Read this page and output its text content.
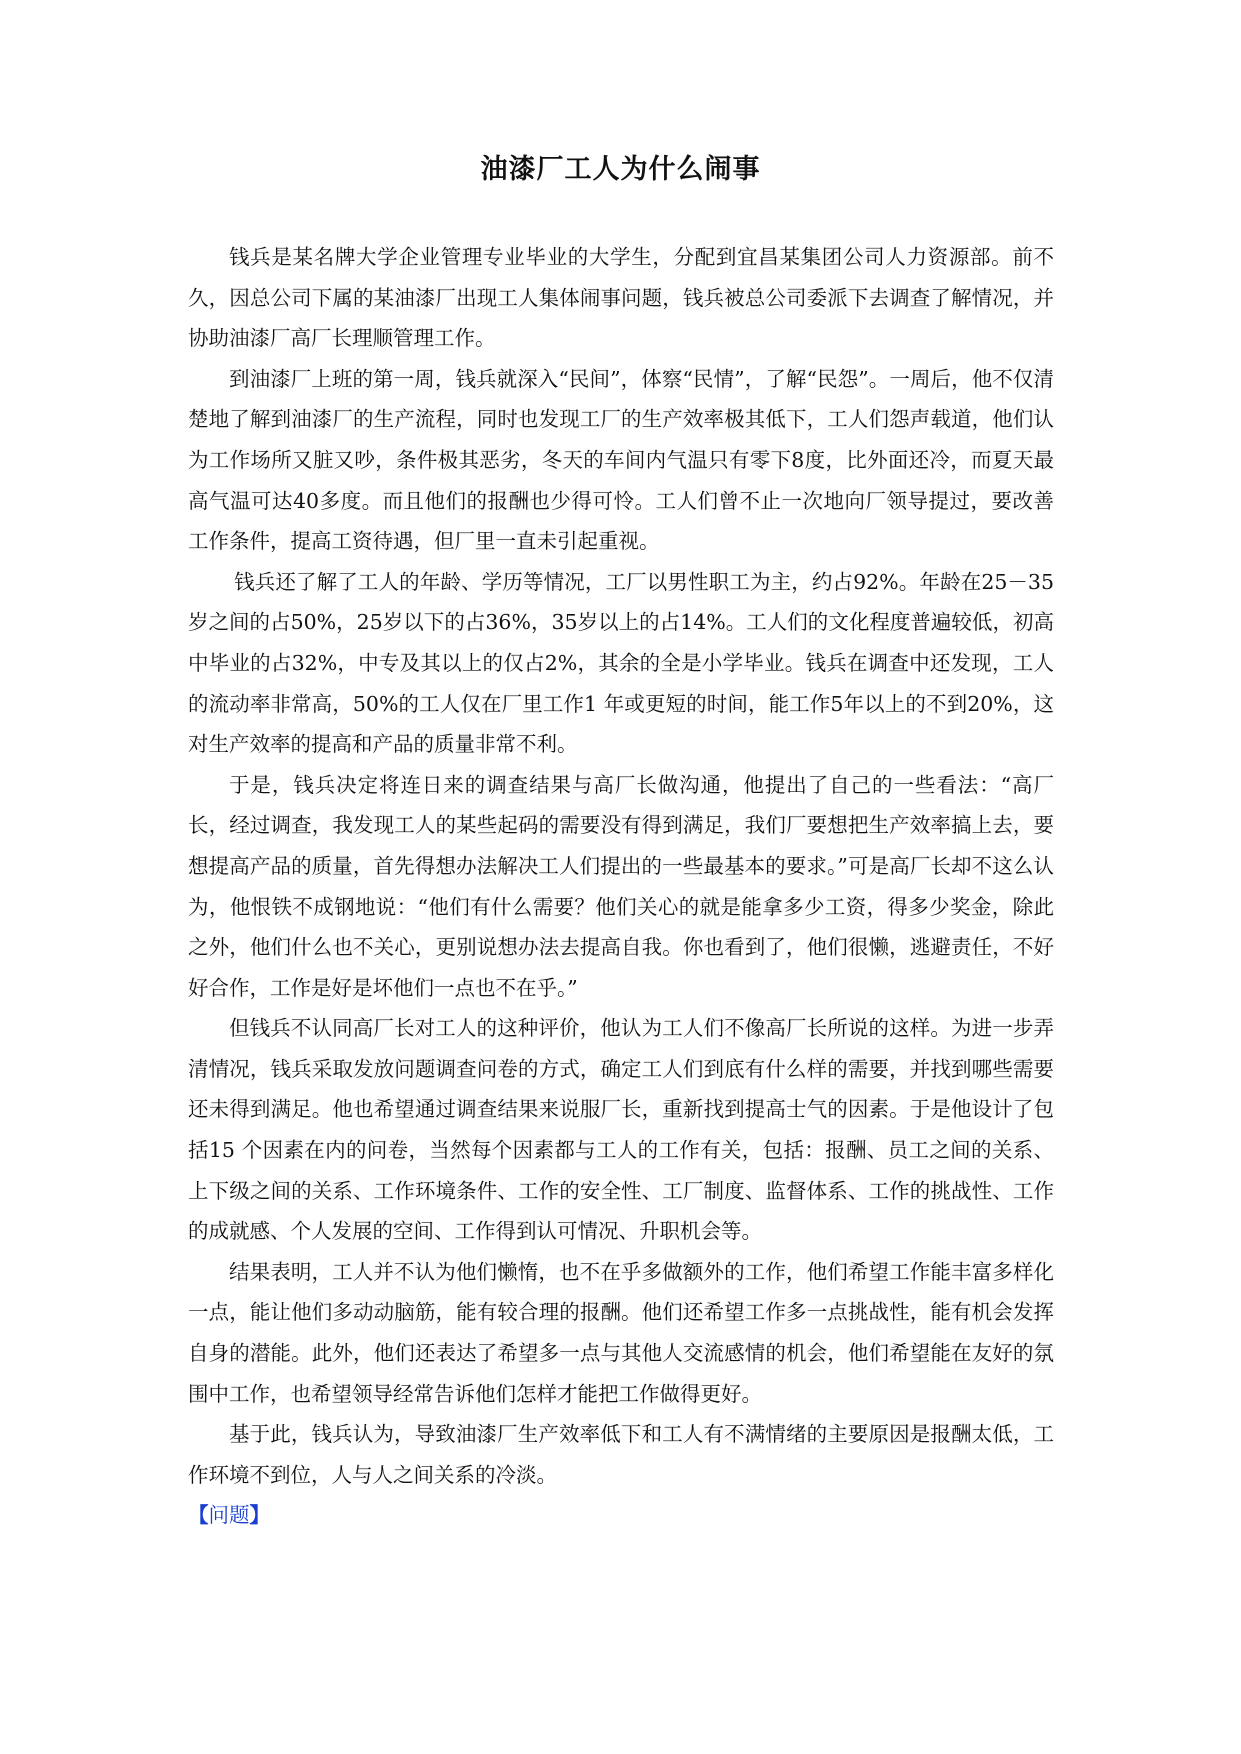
油漆厂工人为什么闹事

钱兵是某名牌大学企业管理专业毕业的大学生，分配到宜昌某集团公司人力资源部。前不久，因总公司下属的某油漆厂出现工人集体闹事问题，钱兵被总公司委派下去调查了解情况，并协助油漆厂高厂长理顺管理工作。

到油漆厂上班的第一周，钱兵就深入“民间”，体察“民情”，了解“民怨”。一周后，他不仅清楚地了解到油漆厂的生产流程，同时也发现工厂的生产效率极其低下，工人们怨声载道，他们认为工作场所又脏又吵，条件极其恶劣，冬天的车间内气温只有零下8度，比外面还冷，而夏天最高气温可达40多度。而且他们的报酬也少得可怜。工人们曾不止一次地向厂领导提过，要改善工作条件，提高工资待遇，但厂里一直未引起重视。

钱兵还了解了工人的年龄、学历等情况，工厂以男性职工为主，约占92%。年龄在25－35岁之间的占50%，25岁以下的占36%，35岁以上的占14%。工人们的文化程度普遍较低，初高中毕业的占32%，中专及其以上的仅占2%，其余的全是小学毕业。钱兵在调查中还发现，工人的流动率非常高，50%的工人仅在厂里工作1 年或更短的时间，能工作5年以上的不到20%，这对生产效率的提高和产品的质量非常不利。

于是，钱兵决定将连日来的调查结果与高厂长做沟通，他提出了自己的一些看法：“高厂长，经过调查，我发现工人的某些起码的需要没有得到满足，我们厂要想把生产效率搞上去，要想提高产品的质量，首先得想办法解决工人们提出的一些最基本的要求。”可是高厂长却不这么认为，他恨铁不成钢地说：“他们有什么需要？他们关心的就是能拿多少工资，得多少奖金，除此之外，他们什么也不关心，更别说想办法去提高自我。你也看到了，他们很懒，逃避责任，不好好合作，工作是好是坏他们一点也不在乎。”

但钱兵不认同高厂长对工人的这种评价，他认为工人们不像高厂长所说的这样。为进一步弄清情况，钱兵采取发放问题调查问卷的方式，确定工人们到底有什么样的需要，并找到哪些需要还未得到满足。他也希望通过调查结果来说服厂长，重新找到提高士气的因素。于是他设计了包括15 个因素在内的问卷，当然每个因素都与工人的工作有关，包括：报酬、员工之间的关系、上下级之间的关系、工作环境条件、工作的安全性、工厂制度、监督体系、工作的挑战性、工作的成就感、个人发展的空间、工作得到认可情况、升职机会等。

结果表明，工人并不认为他们懒惰，也不在乎多做额外的工作，他们希望工作能丰富多样化一点，能让他们多动动脑筋，能有较合理的报酬。他们还希望工作多一点挑战性，能有机会发挥自身的潜能。此外，他们还表达了希望多一点与其他人交流感情的机会，他们希望能在友好的氛围中工作，也希望领导经常告诉他们怎样才能把工作做得更好。

基于此，钱兵认为，导致油漆厂生产效率低下和工人有不满情绪的主要原因是报酬太低，工作环境不到位，人与人之间关系的冷淡。

【问题】
